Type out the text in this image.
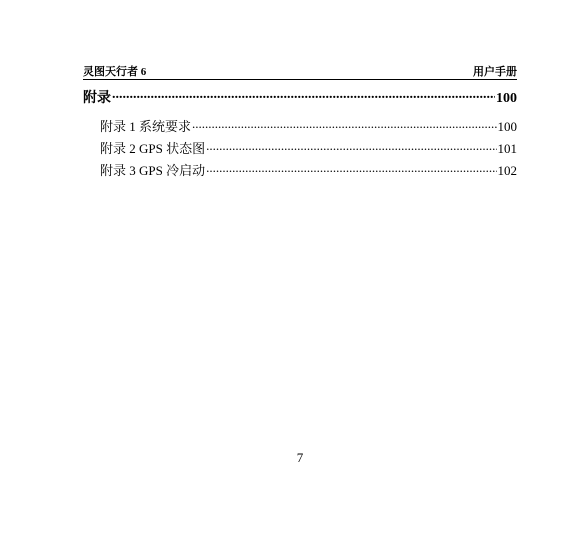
灵图天行者 6	用户手册
附录 .....	100
附录 1 系统要求 .....	100
附录 2 GPS 状态图 .....	101
附录 3 GPS 冷启动 .....	102
7
